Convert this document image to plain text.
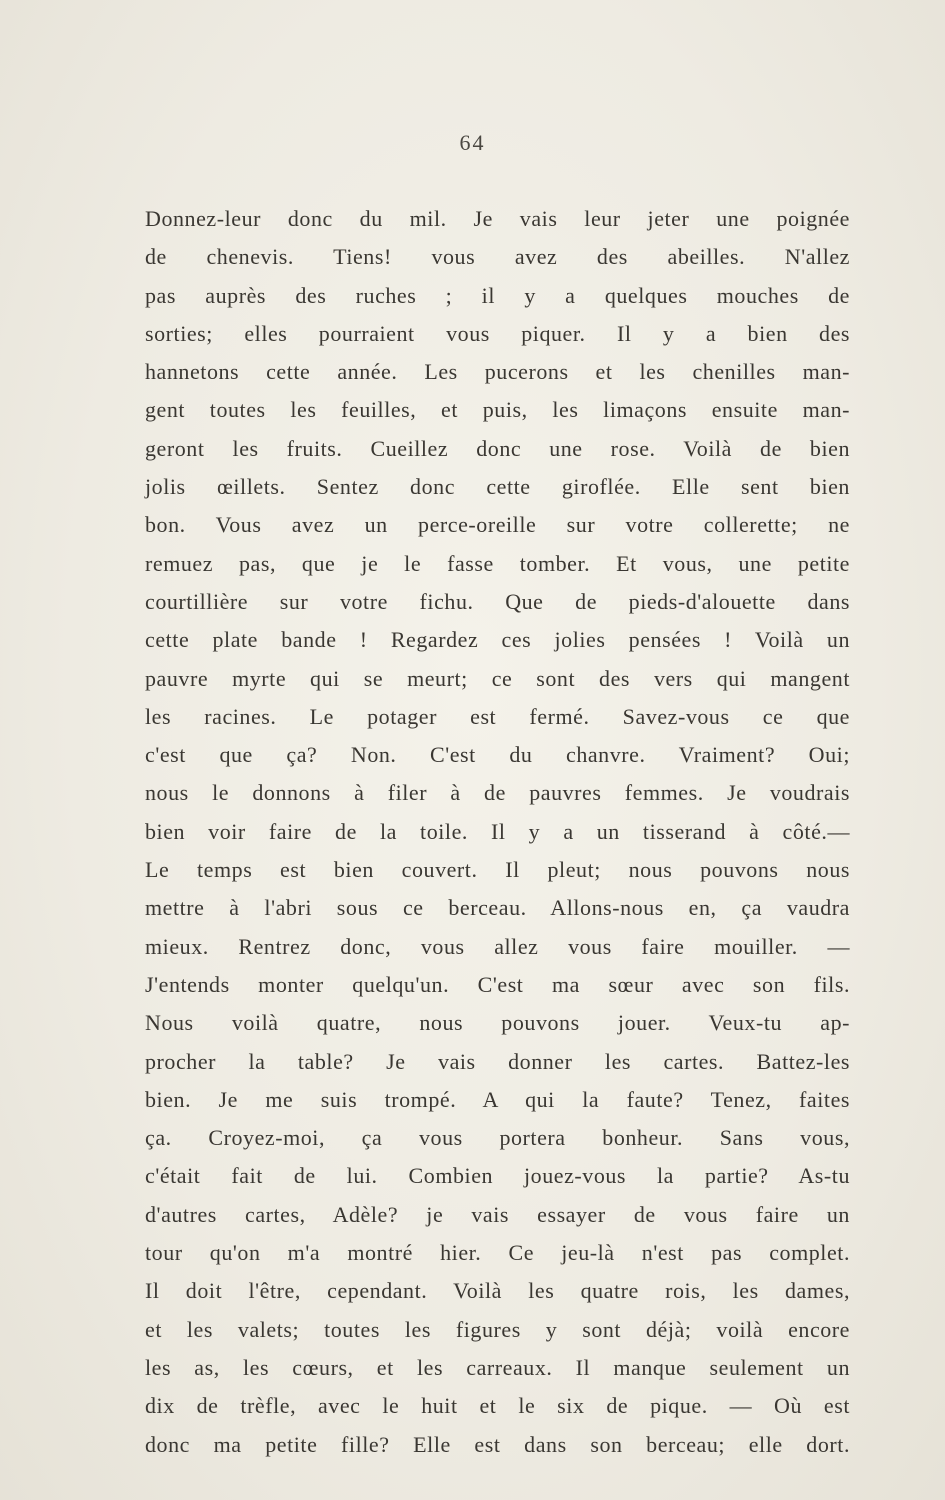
64
Donnez-leur donc du mil. Je vais leur jeter une poignée
de chenevis. Tiens! vous avez des abeilles. N'allez
pas auprès des ruches ; il y a quelques mouches de
sorties; elles pourraient vous piquer. Il y a bien des
hannetons cette année. Les pucerons et les chenilles man-
gent toutes les feuilles, et puis, les limaçons ensuite man-
geront les fruits. Cueillez donc une rose. Voilà de bien
jolis œillets. Sentez donc cette giroflée. Elle sent bien
bon. Vous avez un perce-oreille sur votre collerette; ne
remuez pas, que je le fasse tomber. Et vous, une petite
courtillière sur votre fichu. Que de pieds-d'alouette dans
cette plate bande ! Regardez ces jolies pensées ! Voilà un
pauvre myrte qui se meurt; ce sont des vers qui mangent
les racines. Le potager est fermé. Savez-vous ce que
c'est que ça? Non. C'est du chanvre. Vraiment? Oui;
nous le donnons à filer à de pauvres femmes. Je voudrais
bien voir faire de la toile. Il y a un tisserand à côté.—
Le temps est bien couvert. Il pleut; nous pouvons nous
mettre à l'abri sous ce berceau. Allons-nous en, ça vaudra
mieux. Rentrez donc, vous allez vous faire mouiller. —
J'entends monter quelqu'un. C'est ma sœur avec son fils.
Nous voilà quatre, nous pouvons jouer. Veux-tu ap-
procher la table? Je vais donner les cartes. Battez-les
bien. Je me suis trompé. A qui la faute? Tenez, faites
ça. Croyez-moi, ça vous portera bonheur. Sans vous,
c'était fait de lui. Combien jouez-vous la partie? As-tu
d'autres cartes, Adèle? je vais essayer de vous faire un
tour qu'on m'a montré hier. Ce jeu-là n'est pas complet.
Il doit l'être, cependant. Voilà les quatre rois, les dames,
et les valets; toutes les figures y sont déjà; voilà encore
les as, les cœurs, et les carreaux. Il manque seulement un
dix de trèfle, avec le huit et le six de pique. — Où est
donc ma petite fille? Elle est dans son berceau; elle dort.
